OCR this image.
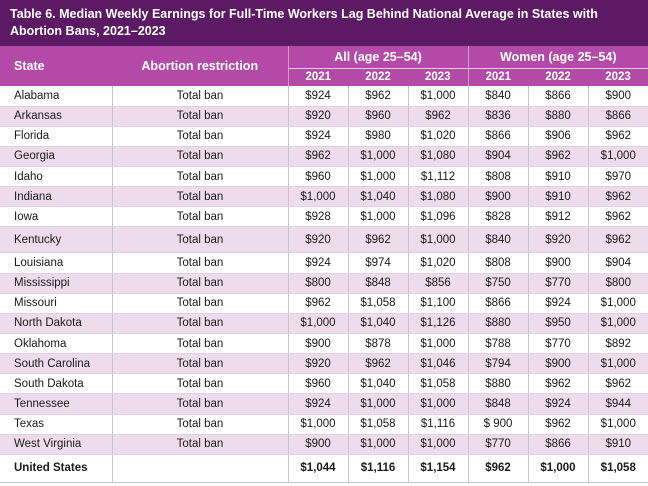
Table 6. Median Weekly Earnings for Full-Time Workers Lag Behind National Average in States with Abortion Bans, 2021–2023
State	Abortion restriction	All (age 25–54)			Women (age 25–54)		
		2021	2022	2023	2021	2022	2023
Alabama	Total ban	$924	$962	$1,000	$840	$866	$900
Arkansas	Total ban	$920	$960	$962	$836	$880	$866
Florida	Total ban	$924	$980	$1,020	$866	$906	$962
Georgia	Total ban	$962	$1,000	$1,080	$904	$962	$1,000
Idaho	Total ban	$960	$1,000	$1,112	$808	$910	$970
Indiana	Total ban	$1,000	$1,040	$1,080	$900	$910	$962
Iowa	Total ban	$928	$1,000	$1,096	$828	$912	$962
Kentucky	Total ban	$920	$962	$1,000	$840	$920	$962
Louisiana	Total ban	$924	$974	$1,020	$808	$900	$904
Mississippi	Total ban	$800	$848	$856	$750	$770	$800
Missouri	Total ban	$962	$1,058	$1,100	$866	$924	$1,000
North Dakota	Total ban	$1,000	$1,040	$1,126	$880	$950	$1,000
Oklahoma	Total ban	$900	$878	$1,000	$788	$770	$892
South Carolina	Total ban	$920	$962	$1,046	$794	$900	$1,000
South Dakota	Total ban	$960	$1,040	$1,058	$880	$962	$962
Tennessee	Total ban	$924	$1,000	$1,000	$848	$924	$944
Texas	Total ban	$1,000	$1,058	$1,116	$ 900	$962	$1,000
West Virginia	Total ban	$900	$1,000	$1,000	$770	$866	$910
United States		$1,044	$1,116	$1,154	$962	$1,000	$1,058
